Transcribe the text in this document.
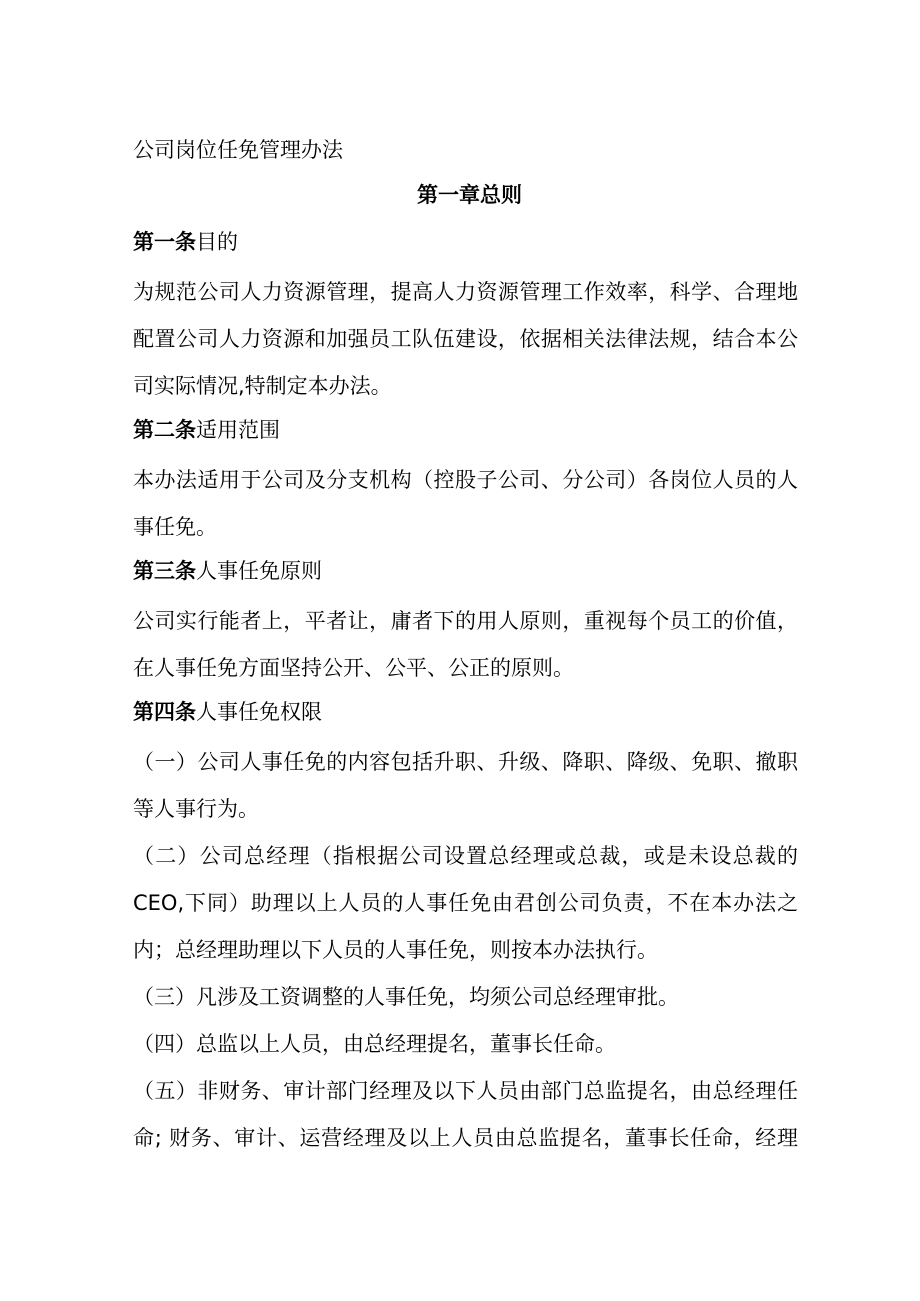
公司岗位任免管理办法
第一章总则
第一条目的
为规范公司人力资源管理，提高人力资源管理工作效率，科学、合理地
配置公司人力资源和加强员工队伍建设，依据相关法律法规，结合本公
司实际情况,特制定本办法。
第二条适用范围
本办法适用于公司及分支机构（控股子公司、分公司）各岗位人员的人
事任免。
第三条人事任免原则
公司实行能者上，平者让，庸者下的用人原则，重视每个员工的价值，
在人事任免方面坚持公开、公平、公正的原则。
第四条人事任免权限
（一）公司人事任免的内容包括升职、升级、降职、降级、免职、撤职
等人事行为。
（二）公司总经理（指根据公司设置总经理或总裁，或是未设总裁的
CEO,下同）助理以上人员的人事任免由君创公司负责，不在本办法之
内；总经理助理以下人员的人事任免，则按本办法执行。
（三）凡涉及工资调整的人事任免，均须公司总经理审批。
（四）总监以上人员，由总经理提名，董事长任命。
（五）非财务、审计部门经理及以下人员由部门总监提名，由总经理任
命; 财务、审计、运营经理及以上人员由总监提名，董事长任命，经理
